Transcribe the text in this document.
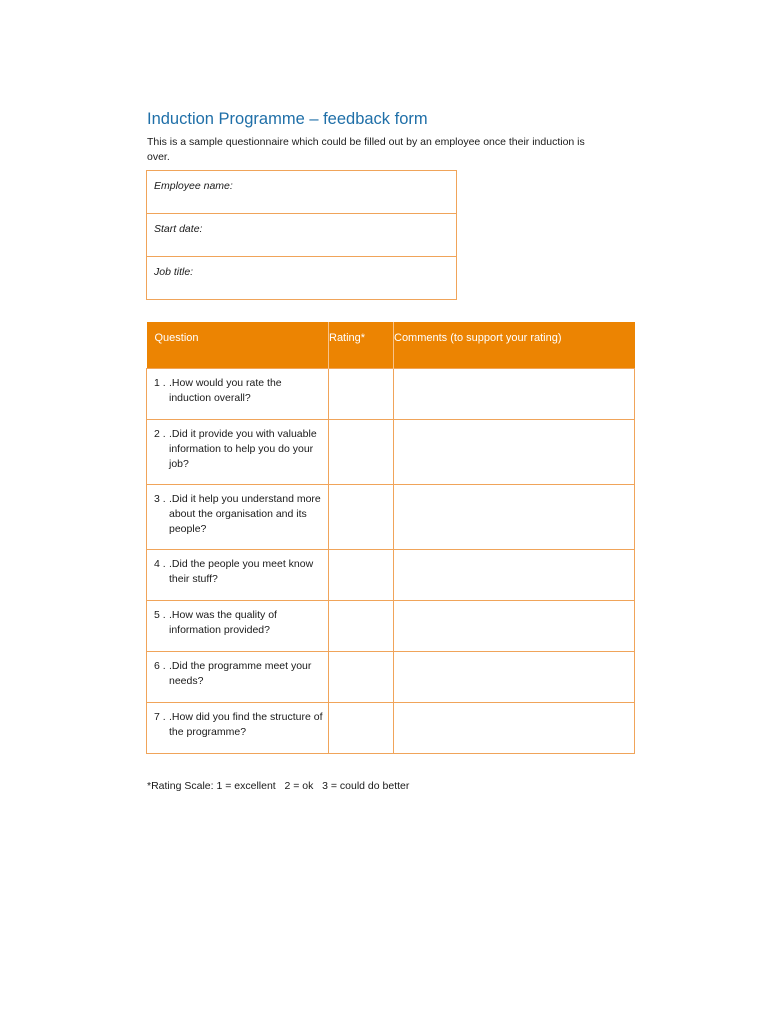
Induction Programme – feedback form

This is a sample questionnaire which could be filled out by an employee once their induction is over.

Employee name:
Start date:
Job title:
Question	Rating*	Comments (to support your rating)

1 . .How would you rate the induction overall?		

2 . .Did it provide you with valuable information to help you do your job?		

3 . .Did it help you understand more about the organisation and its people?		

4 . .Did the people you meet know their stuff?		

5 . .How was the quality of information provided?		

6 . .Did the programme meet your needs?		

7 . .How did you find the structure of the programme?		

*Rating Scale: 1 = excellent   2 = ok   3 = could do better
